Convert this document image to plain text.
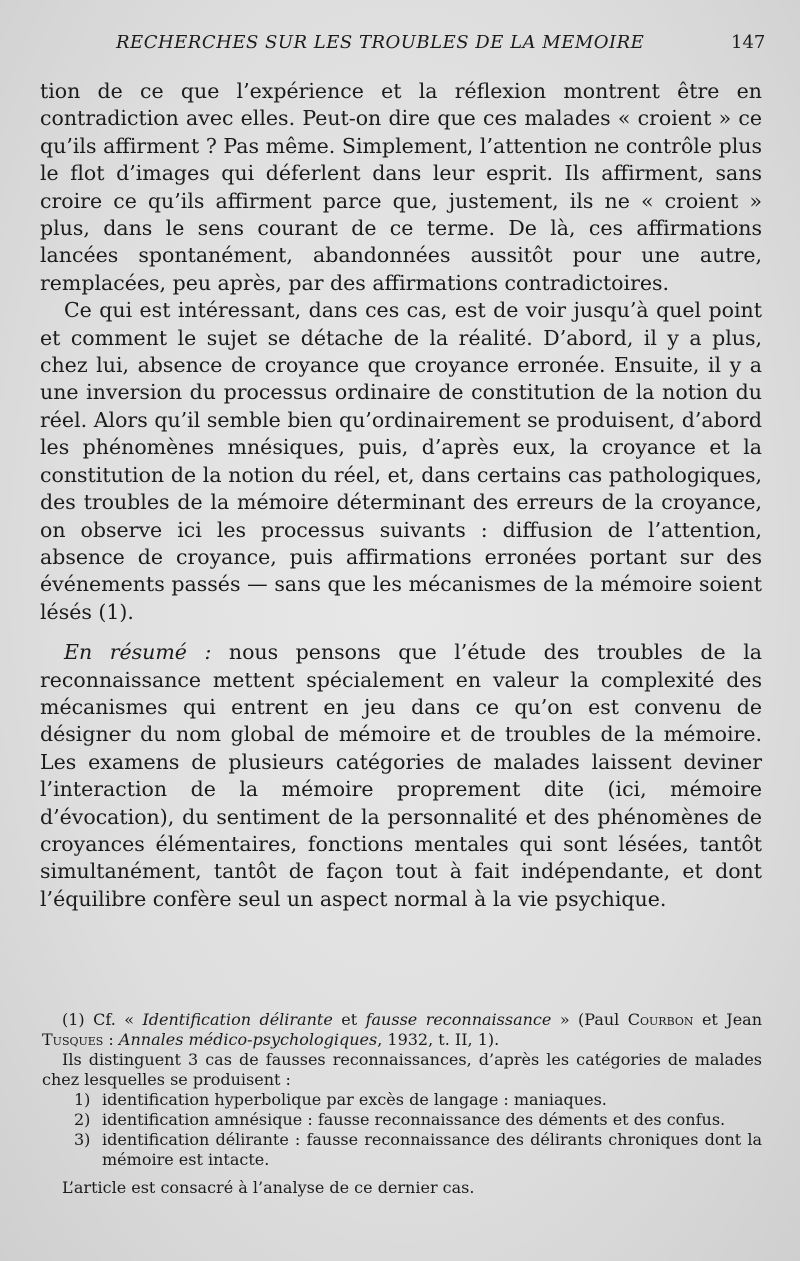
RECHERCHES SUR LES TROUBLES DE LA MEMOIRE	147

tion de ce que l’expérience et la réflexion montrent être en contradiction avec elles. Peut-on dire que ces malades « croient » ce qu’ils affirment ? Pas même. Simplement, l’attention ne contrôle plus le flot d’images qui déferlent dans leur esprit. Ils affirment, sans croire ce qu’ils affirment parce que, justement, ils ne « croient » plus, dans le sens courant de ce terme. De là, ces affirmations lancées spontanément, abandonnées aussitôt pour une autre, remplacées, peu après, par des affirmations contradictoires.

Ce qui est intéressant, dans ces cas, est de voir jusqu’à quel point et comment le sujet se détache de la réalité. D’abord, il y a plus, chez lui, absence de croyance que croyance erronée. Ensuite, il y a une inversion du processus ordinaire de constitution de la notion du réel. Alors qu’il semble bien qu’ordinairement se produisent, d’abord les phénomènes mnésiques, puis, d’après eux, la croyance et la constitution de la notion du réel, et, dans certains cas pathologiques, des troubles de la mémoire déterminant des erreurs de la croyance, on observe ici les processus suivants : diffusion de l’attention, absence de croyance, puis affirmations erronées portant sur des événements passés — sans que les mécanismes de la mémoire soient lésés (1).

En résumé : nous pensons que l’étude des troubles de la reconnaissance mettent spécialement en valeur la complexité des mécanismes qui entrent en jeu dans ce qu’on est convenu de désigner du nom global de mémoire et de troubles de la mémoire. Les examens de plusieurs catégories de malades laissent deviner l’interaction de la mémoire proprement dite (ici, mémoire d’évocation), du sentiment de la personnalité et des phénomènes de croyances élémentaires, fonctions mentales qui sont lésées, tantôt simultanément, tantôt de façon tout à fait indépendante, et dont l’équilibre confère seul un aspect normal à la vie psychique.

(1) Cf. « Identification délirante et fausse reconnaissance » (Paul Courbon et Jean Tusques : Annales médico-psychologiques, 1932, t. II, 1).

Ils distinguent 3 cas de fausses reconnaissances, d’après les catégories de malades chez lesquelles se produisent :

1) identification hyperbolique par excès de langage : maniaques.
2) identification amnésique : fausse reconnaissance des déments et des confus.
3) identification délirante : fausse reconnaissance des délirants chroniques dont la mémoire est intacte.

L’article est consacré à l’analyse de ce dernier cas.
